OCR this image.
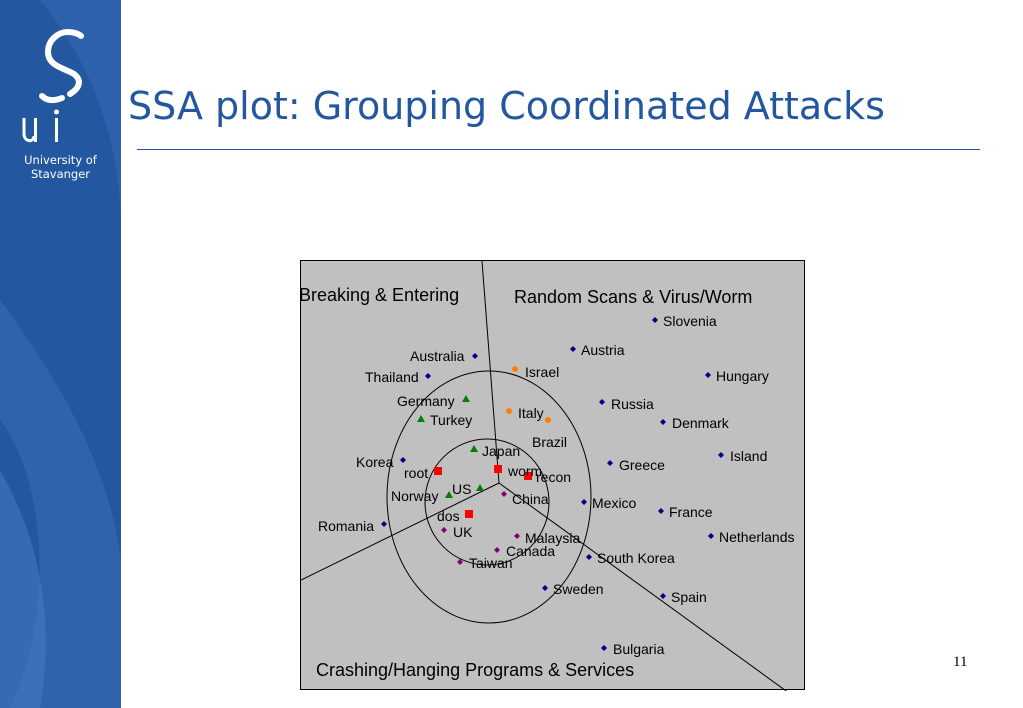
University of
Stavanger
SSA plot: Grouping Coordinated Attacks
Breaking & Entering	Random Scans & Virus/Worm
Crashing/Hanging Programs & Services
Slovenia
Austria
Australia
Israel
Thailand	Hungary
Germany	Russia
Italy
Turkey	Denmark
Brazil
Japan
Korea	Island
Greece
root	worm
recon
US
Norway	China	Mexico
France
dos
Romania	UK	Malaysia	Netherlands
Canada	South Korea
Taiwan
Sweden	Spain
Bulgaria
11
